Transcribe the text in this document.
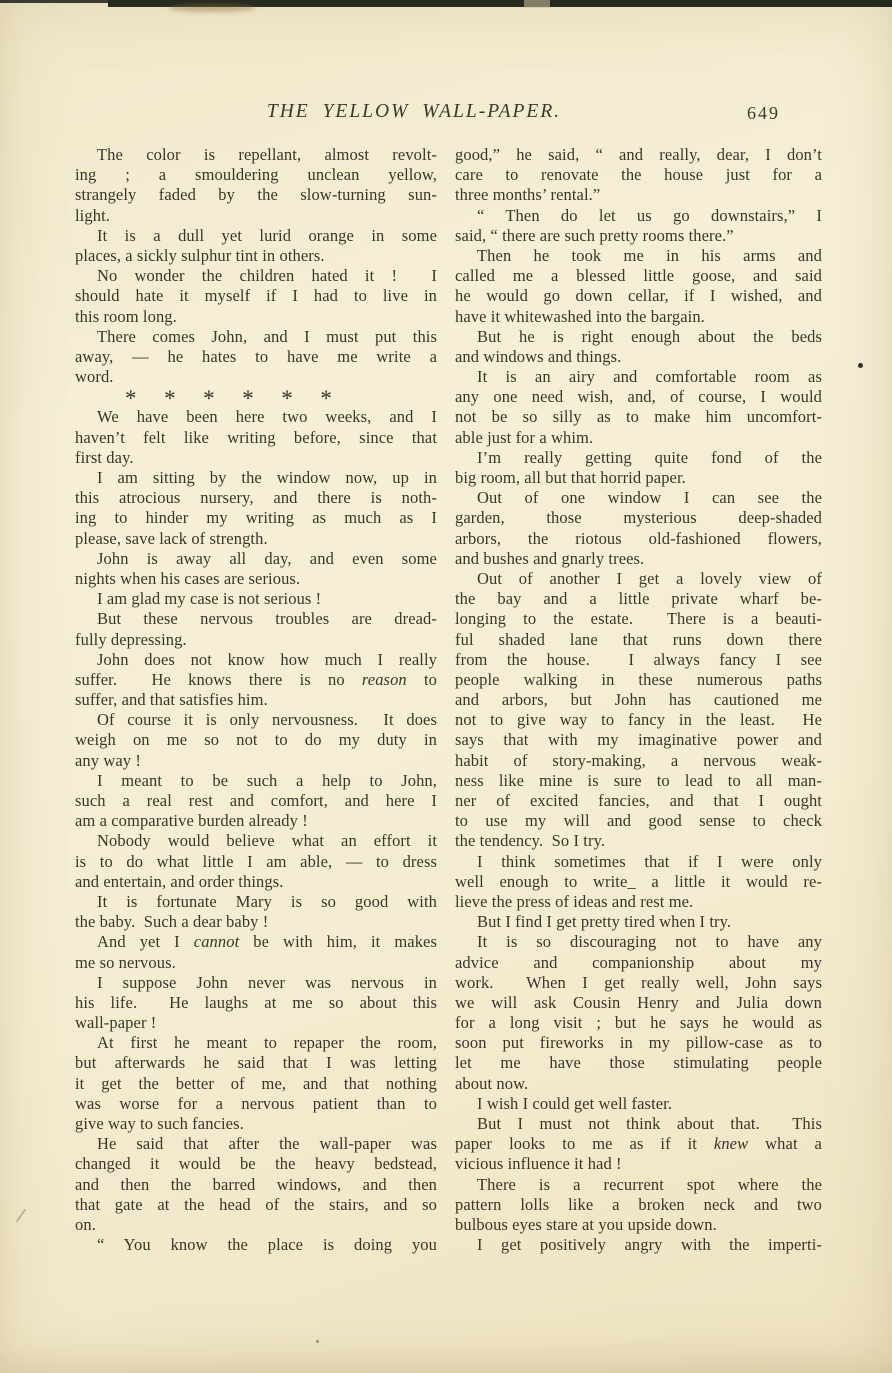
THE YELLOW WALL-PAPER.	649
The color is repellant, almost revolt-
ing ; a smouldering unclean yellow,
strangely faded by the slow-turning sun-
light.
It is a dull yet lurid orange in some
places, a sickly sulphur tint in others.
No wonder the children hated it !  I
should hate it myself if I had to live in
this room long.
There comes John, and I must put this
away, — he hates to have me write a
word.
* * * * * *
We have been here two weeks, and I
haven’t felt like writing before, since that
first day.
I am sitting by the window now, up in
this atrocious nursery, and there is noth-
ing to hinder my writing as much as I
please, save lack of strength.
John is away all day, and even some
nights when his cases are serious.
I am glad my case is not serious !
But these nervous troubles are dread-
fully depressing.
John does not know how much I really
suffer.  He knows there is no reason to
suffer, and that satisfies him.
Of course it is only nervousness.  It does
weigh on me so not to do my duty in
any way !
I meant to be such a help to John,
such a real rest and comfort, and here I
am a comparative burden already !
Nobody would believe what an effort it
is to do what little I am able, — to dress
and entertain, and order things.
It is fortunate Mary is so good with
the baby.  Such a dear baby !
And yet I cannot be with him, it makes
me so nervous.
I suppose John never was nervous in
his life.  He laughs at me so about this
wall-paper !
At first he meant to repaper the room,
but afterwards he said that I was letting
it get the better of me, and that nothing
was worse for a nervous patient than to
give way to such fancies.
He said that after the wall-paper was
changed it would be the heavy bedstead,
and then the barred windows, and then
that gate at the head of the stairs, and so
on.
“ You know the place is doing you
good,” he said, “ and really, dear, I don’t
care to renovate the house just for a
three months’ rental.”
“ Then do let us go downstairs,” I
said, “ there are such pretty rooms there.”
Then he took me in his arms and
called me a blessed little goose, and said
he would go down cellar, if I wished, and
have it whitewashed into the bargain.
But he is right enough about the beds
and windows and things.
It is an airy and comfortable room as
any one need wish, and, of course, I would
not be so silly as to make him uncomfort-
able just for a whim.
I’m really getting quite fond of the
big room, all but that horrid paper.
Out of one window I can see the
garden, those mysterious deep-shaded
arbors, the riotous old-fashioned flowers,
and bushes and gnarly trees.
Out of another I get a lovely view of
the bay and a little private wharf be-
longing to the estate.  There is a beauti-
ful shaded lane that runs down there
from the house.  I always fancy I see
people walking in these numerous paths
and arbors, but John has cautioned me
not to give way to fancy in the least.  He
says that with my imaginative power and
habit of story-making, a nervous weak-
ness like mine is sure to lead to all man-
ner of excited fancies, and that I ought
to use my will and good sense to check
the tendency.  So I try.
I think sometimes that if I were only
well enough to write_ a little it would re-
lieve the press of ideas and rest me.
But I find I get pretty tired when I try.
It is so discouraging not to have any
advice and companionship about my
work.  When I get really well, John says
we will ask Cousin Henry and Julia down
for a long visit ; but he says he would as
soon put fireworks in my pillow-case as to
let me have those stimulating people
about now.
I wish I could get well faster.
But I must not think about that.  This
paper looks to me as if it knew what a
vicious influence it had !
There is a recurrent spot where the
pattern lolls like a broken neck and two
bulbous eyes stare at you upside down.
I get positively angry with the imperti-
